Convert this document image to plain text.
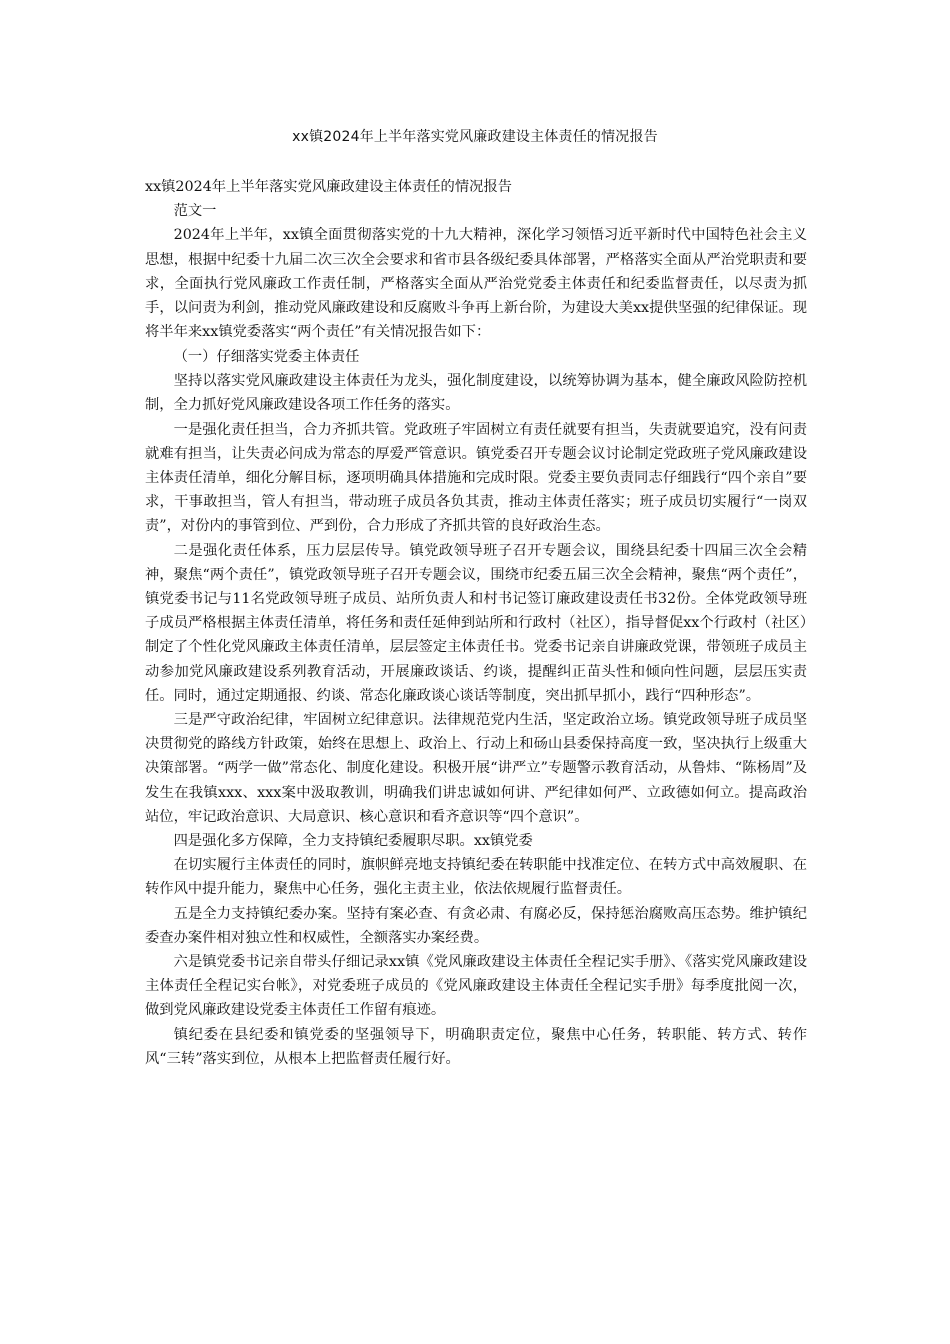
xx镇2024年上半年落实党风廉政建设主体责任的情况报告

xx镇2024年上半年落实党风廉政建设主体责任的情况报告

范文一

2024年上半年，xx镇全面贯彻落实党的十九大精神，深化学习领悟习近平新时代中国特色社会主义思想，根据中纪委十九届二次三次全会要求和省市县各级纪委具体部署，严格落实全面从严治党职责和要求，全面执行党风廉政工作责任制，严格落实全面从严治党党委主体责任和纪委监督责任，以尽责为抓手，以问责为利剑，推动党风廉政建设和反腐败斗争再上新台阶，为建设大美xx提供坚强的纪律保证。现将半年来xx镇党委落实“两个责任”有关情况报告如下：

（一）仔细落实党委主体责任

坚持以落实党风廉政建设主体责任为龙头，强化制度建设，以统筹协调为基本，健全廉政风险防控机制，全力抓好党风廉政建设各项工作任务的落实。

一是强化责任担当，合力齐抓共管。党政班子牢固树立有责任就要有担当，失责就要追究，没有问责就难有担当，让失责必问成为常态的厚爱严管意识。镇党委召开专题会议讨论制定党政班子党风廉政建设主体责任清单，细化分解目标，逐项明确具体措施和完成时限。党委主要负责同志仔细践行“四个亲自”要求，干事敢担当，管人有担当，带动班子成员各负其责，推动主体责任落实；班子成员切实履行“一岗双责”，对份内的事管到位、严到份，合力形成了齐抓共管的良好政治生态。

二是强化责任体系，压力层层传导。镇党政领导班子召开专题会议，围绕县纪委十四届三次全会精神，聚焦“两个责任”，镇党政领导班子召开专题会议，围绕市纪委五届三次全会精神，聚焦“两个责任”，镇党委书记与11名党政领导班子成员、站所负责人和村书记签订廉政建设责任书32份。全体党政领导班子成员严格根据主体责任清单，将任务和责任延伸到站所和行政村（社区），指导督促xx个行政村（社区）制定了个性化党风廉政主体责任清单，层层签定主体责任书。党委书记亲自讲廉政党课，带领班子成员主动参加党风廉政建设系列教育活动，开展廉政谈话、约谈，提醒纠正苗头性和倾向性问题，层层压实责任。同时，通过定期通报、约谈、常态化廉政谈心谈话等制度，突出抓早抓小，践行“四种形态”。

三是严守政治纪律，牢固树立纪律意识。法律规范党内生活，坚定政治立场。镇党政领导班子成员坚决贯彻党的路线方针政策，始终在思想上、政治上、行动上和砀山县委保持高度一致，坚决执行上级重大决策部署。“两学一做”常态化、制度化建设。积极开展“讲严立”专题警示教育活动，从鲁炜、“陈杨周”及发生在我镇xxx、xxx案中汲取教训，明确我们讲忠诚如何讲、严纪律如何严、立政德如何立。提高政治站位，牢记政治意识、大局意识、核心意识和看齐意识等“四个意识”。

四是强化多方保障，全力支持镇纪委履职尽职。xx镇党委

在切实履行主体责任的同时，旗帜鲜亮地支持镇纪委在转职能中找准定位、在转方式中高效履职、在转作风中提升能力，聚焦中心任务，强化主责主业，依法依规履行监督责任。

五是全力支持镇纪委办案。坚持有案必查、有贪必肃、有腐必反，保持惩治腐败高压态势。维护镇纪委查办案件相对独立性和权威性，全额落实办案经费。

六是镇党委书记亲自带头仔细记录xx镇《党风廉政建设主体责任全程记实手册》、《落实党风廉政建设主体责任全程记实台帐》，对党委班子成员的《党风廉政建设主体责任全程记实手册》每季度批阅一次，做到党风廉政建设党委主体责任工作留有痕迹。

镇纪委在县纪委和镇党委的坚强领导下，明确职责定位，聚焦中心任务，转职能、转方式、转作风“三转”落实到位，从根本上把监督责任履行好。
